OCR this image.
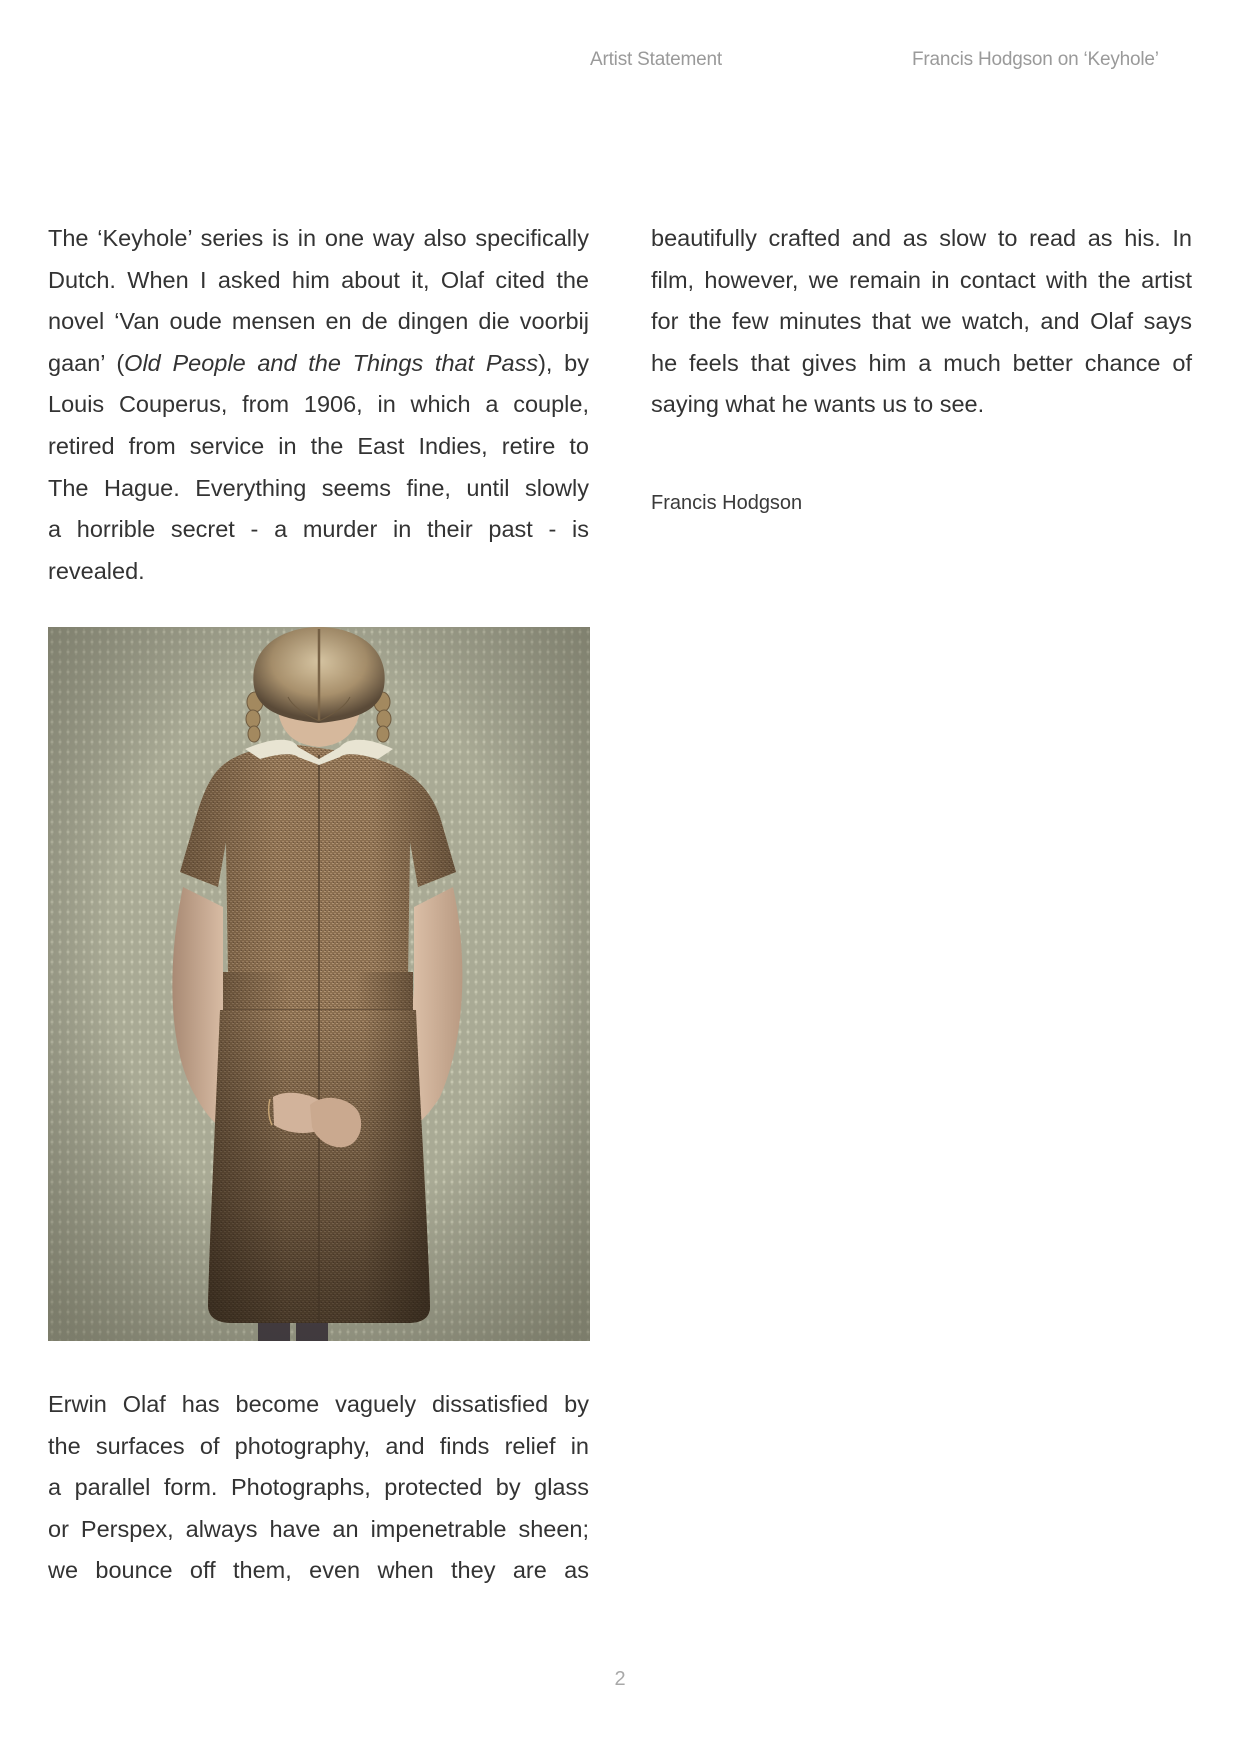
Artist Statement	Francis Hodgson on ‘Keyhole’
The ‘Keyhole’ series is in one way also specifically
Dutch. When I asked him about it, Olaf cited the
novel ‘Van oude mensen en de dingen die voorbij
gaan’ (Old People and the Things that Pass), by
Louis Couperus, from 1906, in which a couple,
retired from service in the East Indies, retire to
The Hague. Everything seems fine, until slowly
a horrible secret - a murder in their past - is
revealed.
Erwin Olaf has become vaguely dissatisfied by
the surfaces of photography, and finds relief in
a parallel form. Photographs, protected by glass
or Perspex, always have an impenetrable sheen;
we bounce off them, even when they are as
beautifully crafted and as slow to read as his. In
film, however, we remain in contact with the artist
for the few minutes that we watch, and Olaf says
he feels that gives him a much better chance of
saying what he wants us to see.
Francis Hodgson
2
